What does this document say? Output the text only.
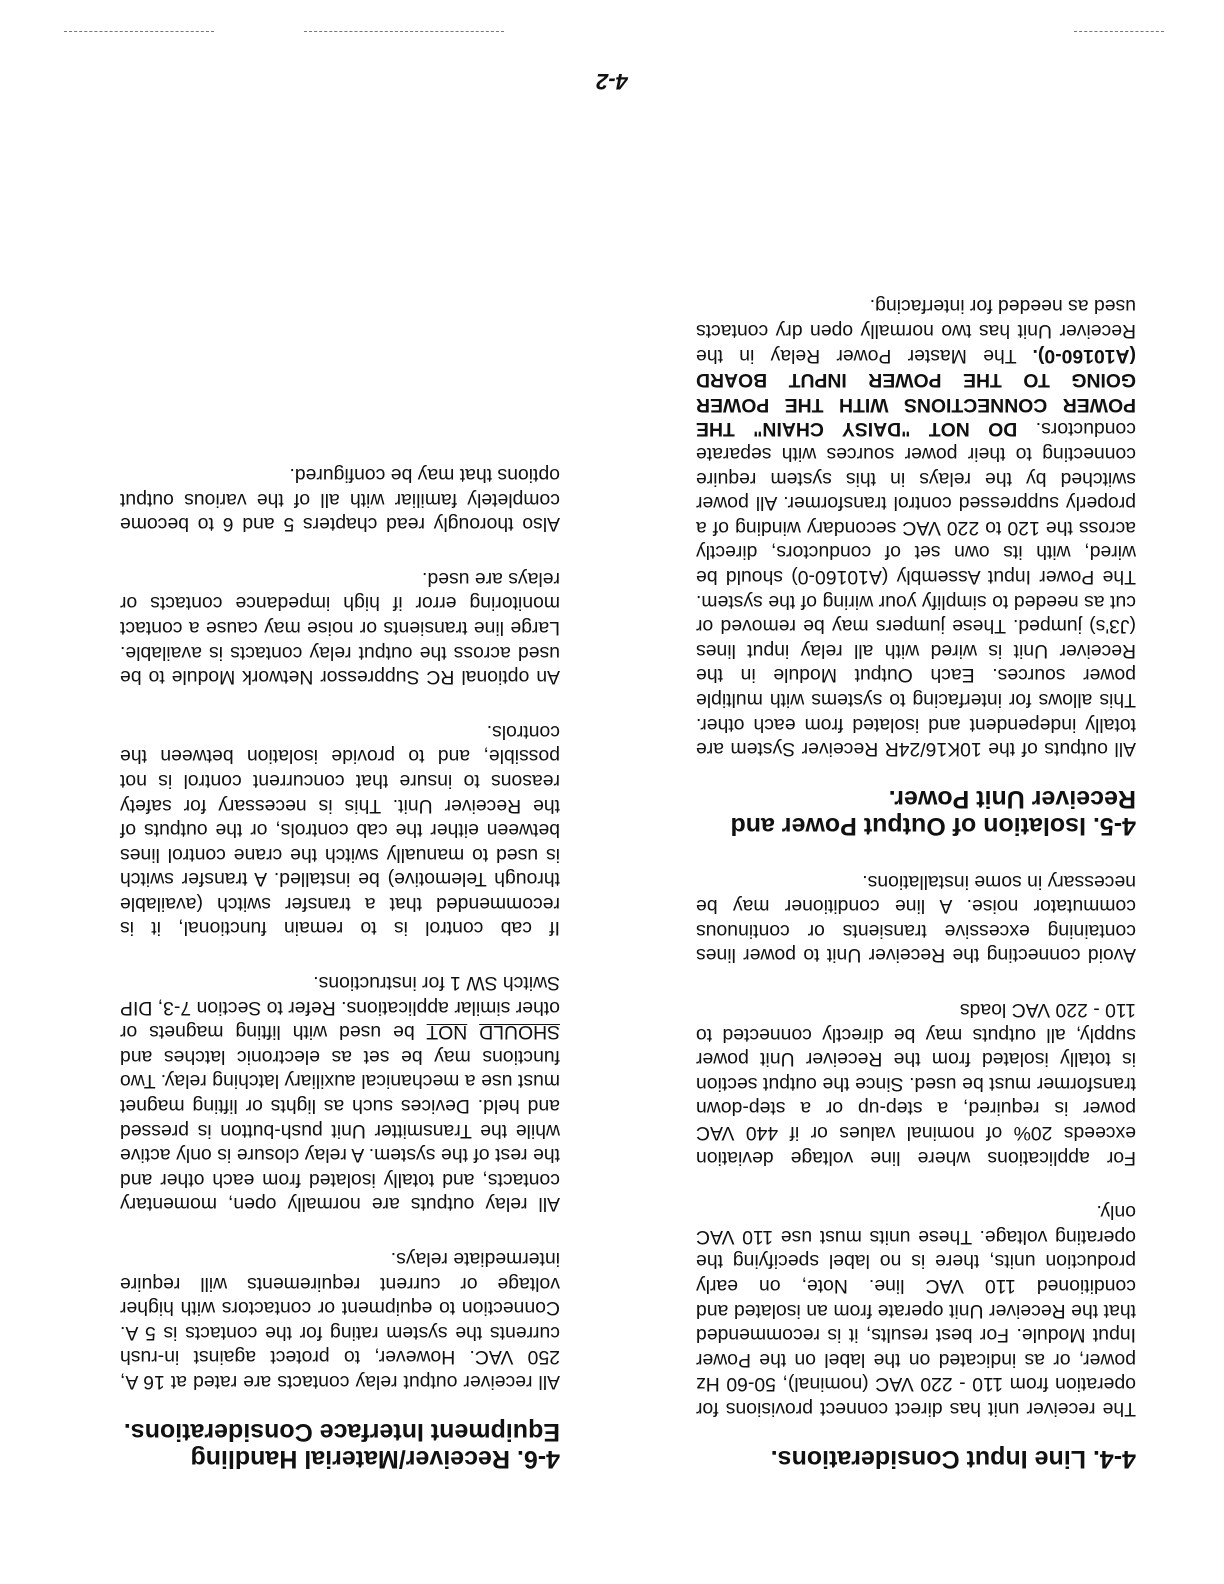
4-4. Line Input Considerations.

The receiver unit has direct connect provisions for operation from 110 - 220 VAC (nominal), 50-60 Hz power, or as indicated on the label on the Power Input Module. For best results, it is recommended that the Receiver Unit operate from an isolated and conditioned 110 VAC line. Note, on early production units, there is no label specifying the operating voltage. These units must use 110 VAC only.

For applications where line voltage deviation exceeds 20% of nominal values or if 440 VAC power is required, a step-up or a step-down transformer must be used. Since the output section is totally isolated from the Receiver Unit power supply, all outputs may be directly connected to 110 - 220 VAC loads

Avoid connecting the Receiver Unit to power lines containing excessive transients or continuous commutator noise. A line conditioner may be necessary in some installations.

4-5. Isolation of Output Power and Receiver Unit Power.

All outputs of the 10K16/24R Receiver System are totally independent and isolated from each other. This allows for interfacing to systems with multiple power sources. Each Output Module in the Receiver Unit is wired with all relay input lines (J3's) jumped. These jumpers may be removed or cut as needed to simplify your wiring of the system. The Power Input Assembly (A10160-0) should be wired, with its own set of conductors, directly across the 120 to 220 VAC secondary winding of a properly suppressed control transformer. All power switched by the relays in this system require connecting to their power sources with separate conductors. DO NOT "DAISY CHAIN" THE POWER CONNECTIONS WITH THE POWER GOING TO THE POWER INPUT BOARD (A10160-0). The Master Power Relay in the Receiver Unit has two normally open dry contacts used as needed for interfacing.

4-6. Receiver/Material Handling Equipment Interface Considerations.

All receiver output relay contacts are rated at 16 A, 250 VAC. However, to protect against in-rush currents the system rating for the contacts is 5 A. Connection to equipment or contactors with higher voltage or current requirements will require intermediate relays.

All relay outputs are normally open, momentary contacts, and totally isolated from each other and the rest of the system. A relay closure is only active while the Transmitter Unit push-button is pressed and held. Devices such as lights or lifting magnet must use a mechanical auxiliary latching relay. Two functions may be set as electronic latches and SHOULD NOT be used with lifting magnets or other similar applications. Refer to Section 7-3, DIP Switch SW 1 for instructions.

If cab control is to remain functional, it is recommended that a transfer switch (available through Telemotive) be installed. A transfer switch is used to manually switch the crane control lines between either the cab controls, or the outputs of the Receiver Unit. This is necessary for safety reasons to insure that concurrent control is not possible, and to provide isolation between the controls.

An optional RC Suppressor Network Module to be used across the output relay contacts is available. Large line transients or noise may cause a contact monitoring error if high impedance contacts or relays are used.

Also thorougly read chapters 5 and 6 to become completely familiar with all of the various output options that may be configured.

4-2
